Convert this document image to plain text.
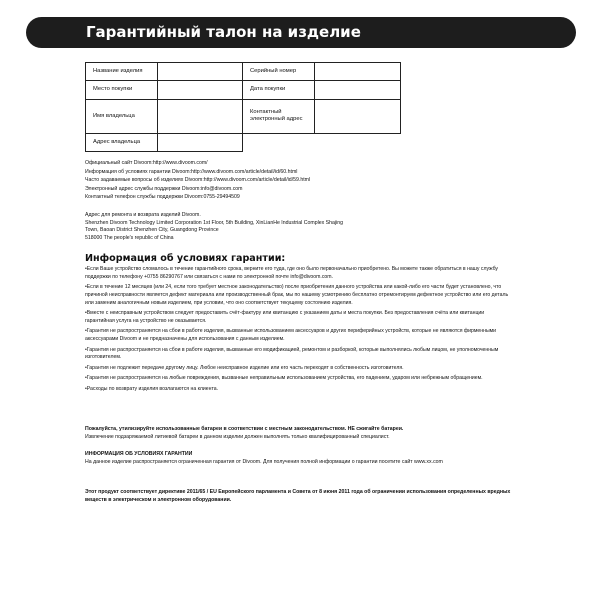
Гарантийный талон на изделие
Название изделия		Серийный номер	
Место покупки		Дата покупки	
Имя владельца		Контактный электронный адрес	
Адрес владельца			
Официальный сайт Divoom:http://www.divoom.com/
Информация об условиях гарантии Divoom:http://www.divoom.com/article/detail/id/60.html
Часто задаваемые вопросы об изделиях Divoom:http://www.divoom.com/article/detail/id/59.html
Электронный адрес службы поддержки Divoom:info@divoom.com
Контактный телефон службы поддержки Divoom:0755-29494509
Адрес для ремонта и возврата изделий Divoom.
Shenzhen Divoom Technology Limited Corporation 1st Floor, 5th Building, XinLianHe Industrial Complex Shajing
Town, Baoan District Shenzhen City, Guangdong Province
518000 The people's republic of China
Информация об условиях гарантии:
•Если Ваше устройство сломалось в течение гарантийного срока, верните его туда, где оно было первоначально приобретено. Вы можете также обратиться в нашу службу поддержки по телефону +0755 86290767 или связаться с нами по электронной почте info@divoom.com.
•Если в течение 12 месяцев (или 24, если того требует местное законодательство) после приобретения данного устройства или какой-либо его части будет установлено, что причиной неисправности является дефект материала или производственный брак, мы по нашему усмотрению бесплатно отремонтируем дефектное устройство или его деталь или заменим аналогичным новым изделием, при условии, что оно соответствует текущему состоянию изделия.
•Вместе с неисправным устройством следует предоставить счёт-фактуру или квитанцию с указанием даты и места покупки. Без предоставления счёта или квитанции гарантийная услуга на устройство не оказывается.
•Гарантия не распространяется на сбои в работе изделия, вызванные использованием аксессуаров и других периферийных устройств, которые не являются фирменными аксессуарами Divoom и не предназначены для использования с данным изделием.
•Гарантия не распространяется на сбои в работе изделия, вызванные его модификацией, ремонтом и разборкой, которые выполнялись любым лицом, не уполномоченным изготовителем.
•Гарантия не подлежит передаче другому лицу. Любое неисправное изделие или его часть переходят в собственность изготовителя.
•Гарантия не распространяется на любые повреждения, вызванные неправильным использованием устройства, его падением, ударом или небрежным обращением.
•Расходы по возврату изделия возлагаются на клиента.
Пожалуйста, утилизируйте использованные батареи в соответствии с местным законодательством. НЕ сжигайте батареи.
Извлечение подзаряжаемой литиевой батареи в данном изделии должен выполнять только квалифицированный специалист.
ИНФОРМАЦИЯ ОБ УСЛОВИЯХ ГАРАНТИИ
На данное изделие распространяется ограниченная гарантия от Divoom. Для получения полной информации о гарантии посетите сайт www.xx.com
Этот продукт соответствует директиве 2011/65 / EU Европейского парламента и Совета от 8 июня 2011 года об ограничении использования определенных вредных веществ в электрическом и электронном оборудовании.
